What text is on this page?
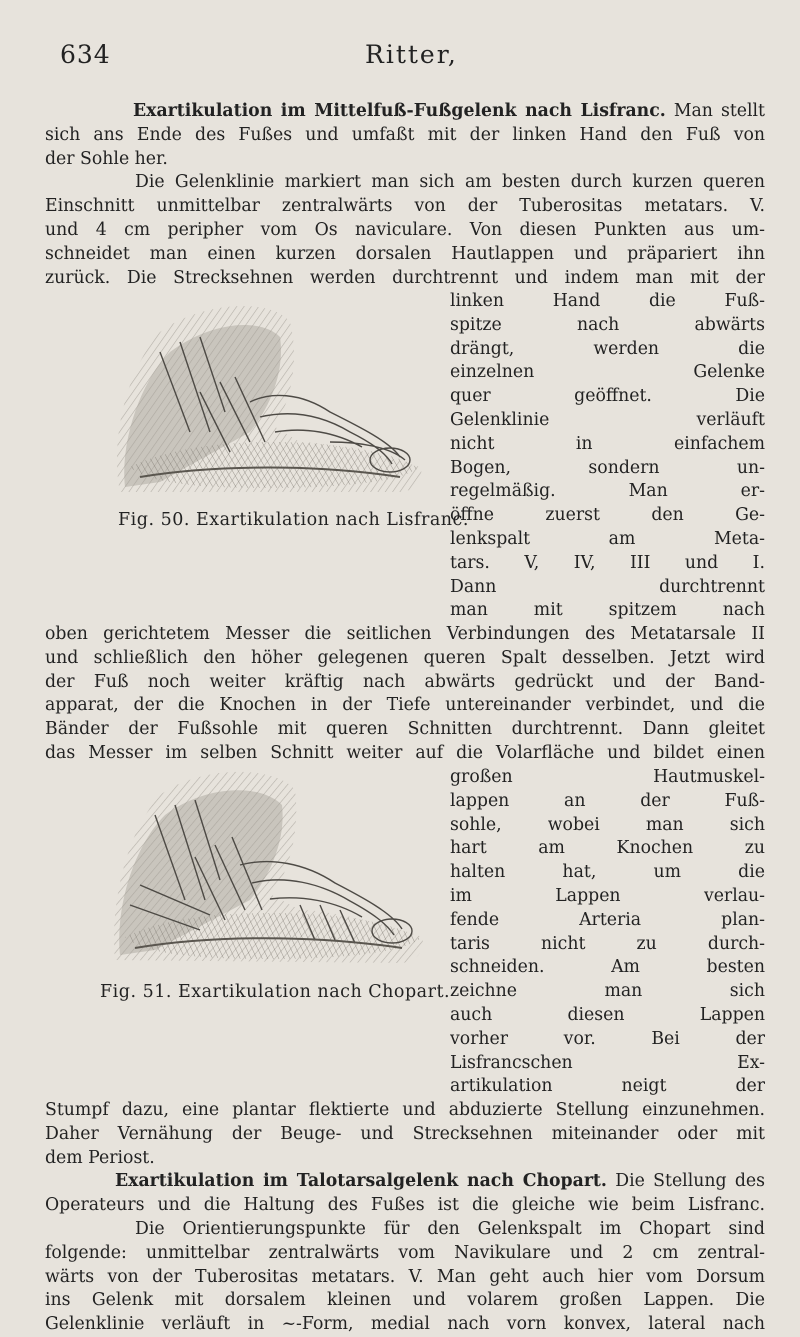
634	Ritter,
Exartikulation im Mittelfuß-Fußgelenk nach Lisfranc. Man stellt
sich ans Ende des Fußes und umfaßt mit der linken Hand den Fuß von
der Sohle her.
Die Gelenklinie markiert man sich am besten durch kurzen queren
Einschnitt unmittelbar zentralwärts von der Tuberositas metatars. V.
und 4 cm peripher vom Os naviculare. Von diesen Punkten aus um-
schneidet man einen kurzen dorsalen Hautlappen und präpariert ihn
zurück. Die Strecksehnen werden durchtrennt und indem man mit der
Fig. 50. Exartikulation nach Lisfranc.
linken Hand die Fuß-
spitze nach abwärts
drängt, werden die
einzelnen Gelenke
quer geöffnet. Die
Gelenklinie verläuft
nicht in einfachem
Bogen, sondern un-
regelmäßig. Man er-
öffne zuerst den Ge-
lenkspalt am Meta-
tars. V, IV, III und I.
Dann durchtrennt
man mit spitzem nach
oben gerichtetem Messer die seitlichen Verbindungen des Metatarsale II
und schließlich den höher gelegenen queren Spalt desselben. Jetzt wird
der Fuß noch weiter kräftig nach abwärts gedrückt und der Band-
apparat, der die Knochen in der Tiefe untereinander verbindet, und die
Bänder der Fußsohle mit queren Schnitten durchtrennt. Dann gleitet
das Messer im selben Schnitt weiter auf die Volarfläche und bildet einen
Fig. 51. Exartikulation nach Chopart.
großen Hautmuskel-
lappen an der Fuß-
sohle, wobei man sich
hart am Knochen zu
halten hat, um die
im Lappen verlau-
fende Arteria plan-
taris nicht zu durch-
schneiden. Am besten
zeichne man sich
auch diesen Lappen
vorher vor. Bei der
Lisfrancschen Ex-
artikulation neigt der
Stumpf dazu, eine plantar flektierte und abduzierte Stellung einzunehmen.
Daher Vernähung der Beuge- und Strecksehnen miteinander oder mit
dem Periost.
Exartikulation im Talotarsalgelenk nach Chopart. Die Stellung des
Operateurs und die Haltung des Fußes ist die gleiche wie beim Lisfranc.
Die Orientierungspunkte für den Gelenkspalt im Chopart sind
folgende: unmittelbar zentralwärts vom Navikulare und 2 cm zentral-
wärts von der Tuberositas metatars. V. Man geht auch hier vom Dorsum
ins Gelenk mit dorsalem kleinen und volarem großen Lappen. Die
Gelenklinie verläuft in ~-Form, medial nach vorn konvex, lateral nach
